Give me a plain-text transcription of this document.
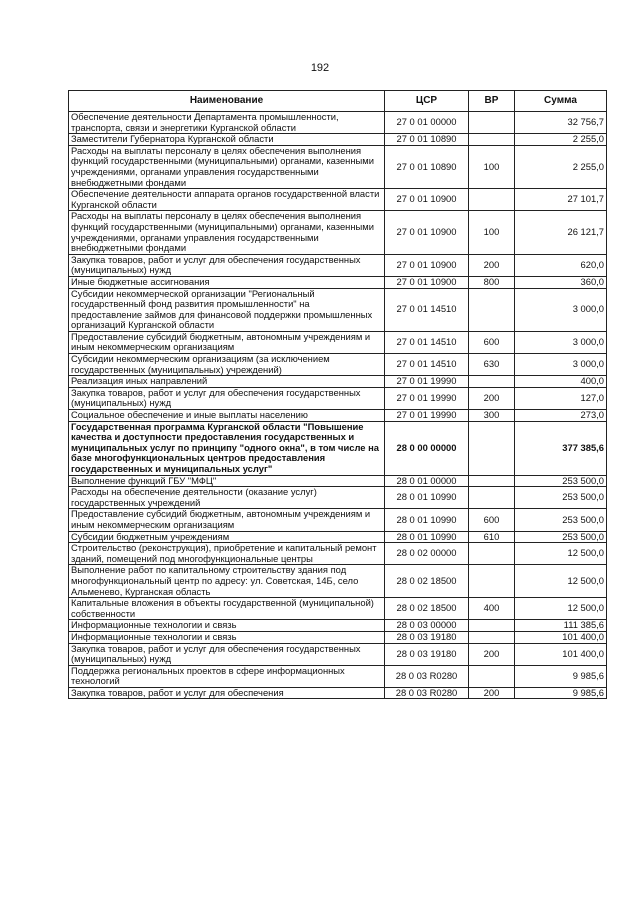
192
Наименование	ЦСР	ВР	Сумма
Обеспечение деятельности Департамента промышленности, транспорта, связи и энергетики Курганской области	27 0 01 00000		32 756,7
Заместители Губернатора Курганской области	27 0 01 10890		2 255,0
Расходы на выплаты персоналу в целях обеспечения выполнения функций государственными (муниципальными) органами, казенными учреждениями, органами управления государственными внебюджетными фондами	27 0 01 10890	100	2 255,0
Обеспечение деятельности аппарата органов государственной власти Курганской области	27 0 01 10900		27 101,7
Расходы на выплаты персоналу в целях обеспечения выполнения функций государственными (муниципальными) органами, казенными учреждениями, органами управления государственными внебюджетными фондами	27 0 01 10900	100	26 121,7
Закупка товаров, работ и услуг для обеспечения государственных (муниципальных) нужд	27 0 01 10900	200	620,0
Иные бюджетные ассигнования	27 0 01 10900	800	360,0
Субсидии некоммерческой организации "Региональный государственный фонд развития промышленности" на предоставление займов для финансовой поддержки промышленных организаций Курганской области	27 0 01 14510		3 000,0
Предоставление субсидий бюджетным, автономным учреждениям и иным некоммерческим организациям	27 0 01 14510	600	3 000,0
Субсидии некоммерческим организациям (за исключением государственных (муниципальных) учреждений)	27 0 01 14510	630	3 000,0
Реализация иных направлений	27 0 01 19990		400,0
Закупка товаров, работ и услуг для обеспечения государственных (муниципальных) нужд	27 0 01 19990	200	127,0
Социальное обеспечение и иные выплаты населению	27 0 01 19990	300	273,0
Государственная программа Курганской области "Повышение качества и доступности предоставления государственных и муниципальных услуг по принципу "одного окна", в том числе на базе многофункциональных центров предоставления государственных и муниципальных услуг"	28 0 00 00000		377 385,6
Выполнение функций ГБУ "МФЦ"	28 0 01 00000		253 500,0
Расходы на обеспечение деятельности (оказание услуг) государственных учреждений	28 0 01 10990		253 500,0
Предоставление субсидий бюджетным, автономным учреждениям и иным некоммерческим организациям	28 0 01 10990	600	253 500,0
Субсидии бюджетным учреждениям	28 0 01 10990	610	253 500,0
Строительство (реконструкция), приобретение и капитальный ремонт зданий, помещений под многофункциональные центры	28 0 02 00000		12 500,0
Выполнение работ по капитальному строительству здания под многофункциональный центр по адресу: ул. Советская, 14Б, село Альменево, Курганская область	28 0 02 18500		12 500,0
Капитальные вложения в объекты государственной (муниципальной) собственности	28 0 02 18500	400	12 500,0
Информационные технологии и связь	28 0 03 00000		111 385,6
Информационные технологии и связь	28 0 03 19180		101 400,0
Закупка товаров, работ и услуг для обеспечения государственных (муниципальных) нужд	28 0 03 19180	200	101 400,0
Поддержка региональных проектов в сфере информационных технологий	28 0 03 R0280		9 985,6
Закупка товаров, работ и услуг для обеспечения	28 0 03 R0280	200	9 985,6
